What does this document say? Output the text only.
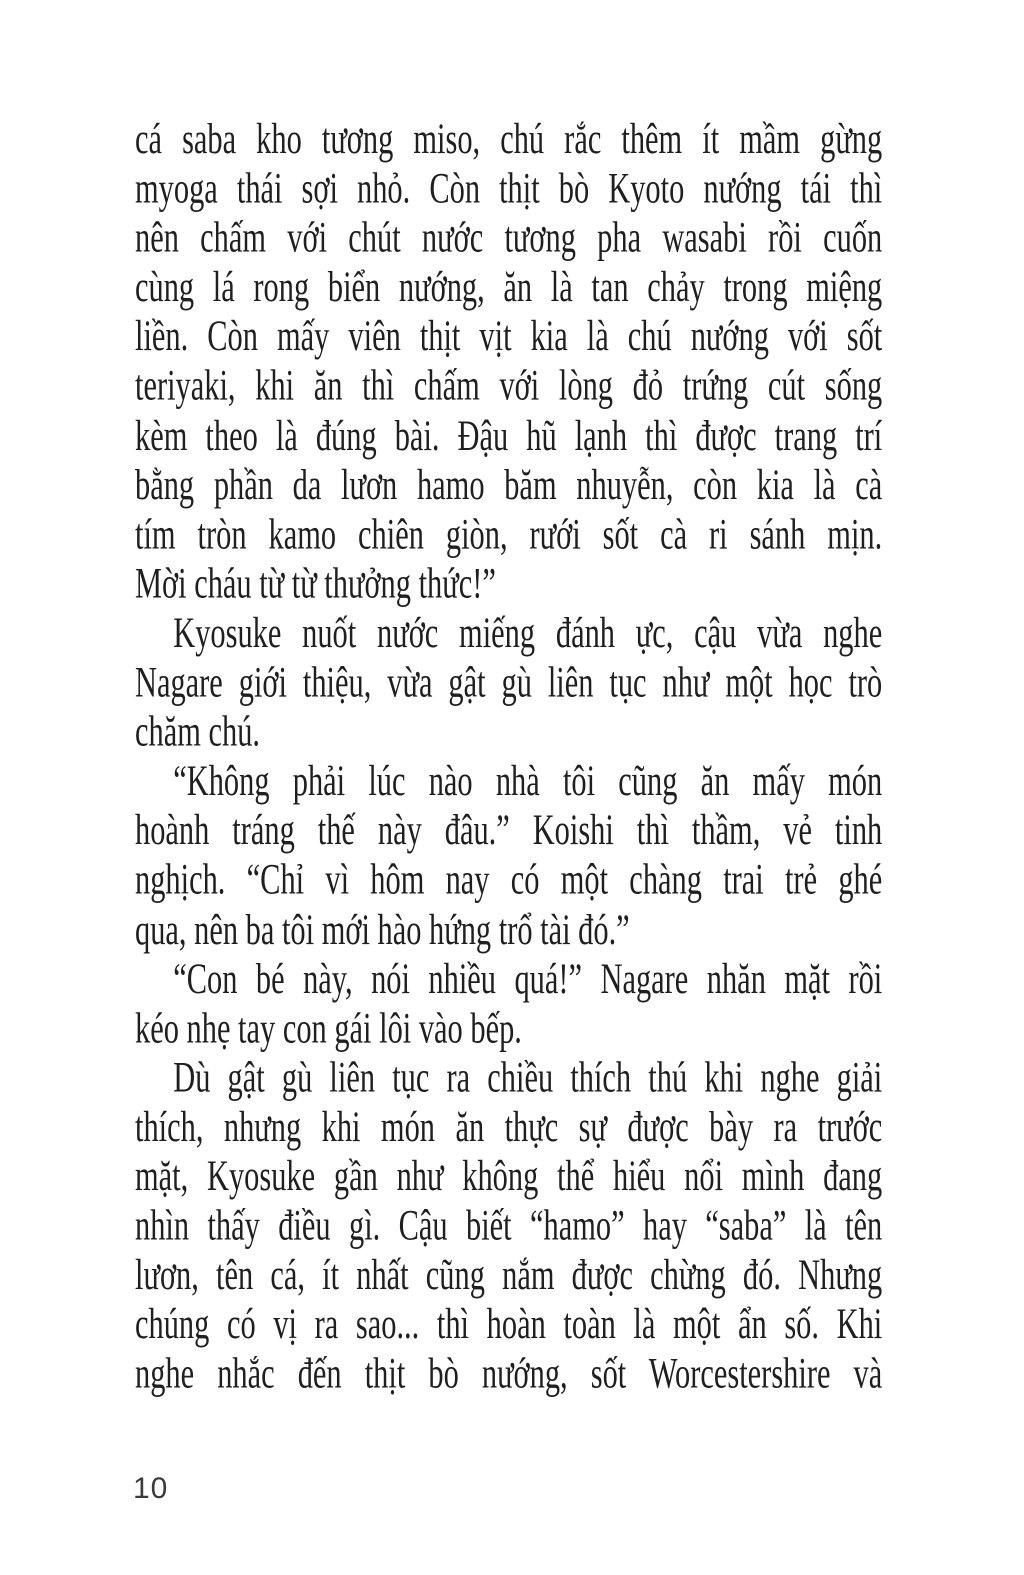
cá saba kho tương miso, chú rắc thêm ít mầm gừng
myoga thái sợi nhỏ. Còn thịt bò Kyoto nướng tái thì
nên chấm với chút nước tương pha wasabi rồi cuốn
cùng lá rong biển nướng, ăn là tan chảy trong miệng
liền. Còn mấy viên thịt vịt kia là chú nướng với sốt
teriyaki, khi ăn thì chấm với lòng đỏ trứng cút sống
kèm theo là đúng bài. Đậu hũ lạnh thì được trang trí
bằng phần da lươn hamo băm nhuyễn, còn kia là cà
tím tròn kamo chiên giòn, rưới sốt cà ri sánh mịn.
Mời cháu từ từ thưởng thức!”
Kyosuke nuốt nước miếng đánh ực, cậu vừa nghe
Nagare giới thiệu, vừa gật gù liên tục như một học trò
chăm chú.
“Không phải lúc nào nhà tôi cũng ăn mấy món
hoành tráng thế này đâu.” Koishi thì thầm, vẻ tinh
nghịch. “Chỉ vì hôm nay có một chàng trai trẻ ghé
qua, nên ba tôi mới hào hứng trổ tài đó.”
“Con bé này, nói nhiều quá!” Nagare nhăn mặt rồi
kéo nhẹ tay con gái lôi vào bếp.
Dù gật gù liên tục ra chiều thích thú khi nghe giải
thích, nhưng khi món ăn thực sự được bày ra trước
mặt, Kyosuke gần như không thể hiểu nổi mình đang
nhìn thấy điều gì. Cậu biết “hamo” hay “saba” là tên
lươn, tên cá, ít nhất cũng nắm được chừng đó. Nhưng
chúng có vị ra sao... thì hoàn toàn là một ẩn số. Khi
nghe nhắc đến thịt bò nướng, sốt Worcestershire và
10
